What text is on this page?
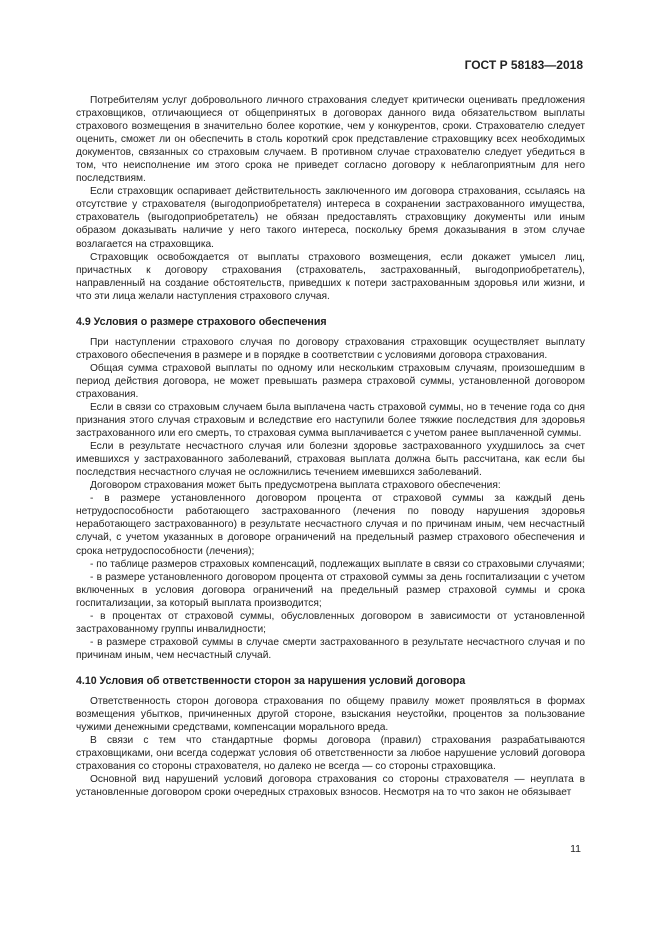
ГОСТ Р 58183—2018

Потребителям услуг добровольного личного страхования следует критически оценивать предложения страховщиков, отличающиеся от общепринятых в договорах данного вида обязательством выплаты страхового возмещения в значительно более короткие, чем у конкурентов, сроки. Страхователю следует оценить, сможет ли он обеспечить в столь короткий срок представление страховщику всех необходимых документов, связанных со страховым случаем. В противном случае страхователю следует убедиться в том, что неисполнение им этого срока не приведет согласно договору к неблагоприятным для него последствиям.

Если страховщик оспаривает действительность заключенного им договора страхования, ссылаясь на отсутствие у страхователя (выгодоприобретателя) интереса в сохранении застрахованного имущества, страхователь (выгодоприобретатель) не обязан предоставлять страховщику документы или иным образом доказывать наличие у него такого интереса, поскольку бремя доказывания в этом случае возлагается на страховщика.

Страховщик освобождается от выплаты страхового возмещения, если докажет умысел лиц, причастных к договору страхования (страхователь, застрахованный, выгодоприобретатель), направленный на создание обстоятельств, приведших к потери застрахованным здоровья или жизни, и что эти лица желали наступления страхового случая.

4.9 Условия о размере страхового обеспечения

При наступлении страхового случая по договору страхования страховщик осуществляет выплату страхового обеспечения в размере и в порядке в соответствии с условиями договора страхования.

Общая сумма страховой выплаты по одному или нескольким страховым случаям, произошедшим в период действия договора, не может превышать размера страховой суммы, установленной договором страхования.

Если в связи со страховым случаем была выплачена часть страховой суммы, но в течение года со дня признания этого случая страховым и вследствие его наступили более тяжкие последствия для здоровья застрахованного или его смерть, то страховая сумма выплачивается с учетом ранее выплаченной суммы.

Если в результате несчастного случая или болезни здоровье застрахованного ухудшилось за счет имевшихся у застрахованного заболеваний, страховая выплата должна быть рассчитана, как если бы последствия несчастного случая не осложнились течением имевшихся заболеваний.

Договором страхования может быть предусмотрена выплата страхового обеспечения:

- в размере установленного договором процента от страховой суммы за каждый день нетрудоспособности работающего застрахованного (лечения по поводу нарушения здоровья неработающего застрахованного) в результате несчастного случая и по причинам иным, чем несчастный случай, с учетом указанных в договоре ограничений на предельный размер страхового обеспечения и срока нетрудоспособности (лечения);

- по таблице размеров страховых компенсаций, подлежащих выплате в связи со страховыми случаями;

- в размере установленного договором процента от страховой суммы за день госпитализации с учетом включенных в условия договора ограничений на предельный размер страховой суммы и срока госпитализации, за который выплата производится;

- в процентах от страховой суммы, обусловленных договором в зависимости от установленной застрахованному группы инвалидности;

- в размере страховой суммы в случае смерти застрахованного в результате несчастного случая и по причинам иным, чем несчастный случай.

4.10 Условия об ответственности сторон за нарушения условий договора

Ответственность сторон договора страхования по общему правилу может проявляться в формах возмещения убытков, причиненных другой стороне, взыскания неустойки, процентов за пользование чужими денежными средствами, компенсации морального вреда.

В связи с тем что стандартные формы договора (правил) страхования разрабатываются страховщиками, они всегда содержат условия об ответственности за любое нарушение условий договора страхования со стороны страхователя, но далеко не всегда — со стороны страховщика.

Основной вид нарушений условий договора страхования со стороны страхователя — неуплата в установленные договором сроки очередных страховых взносов. Несмотря на то что закон не обязывает

11
